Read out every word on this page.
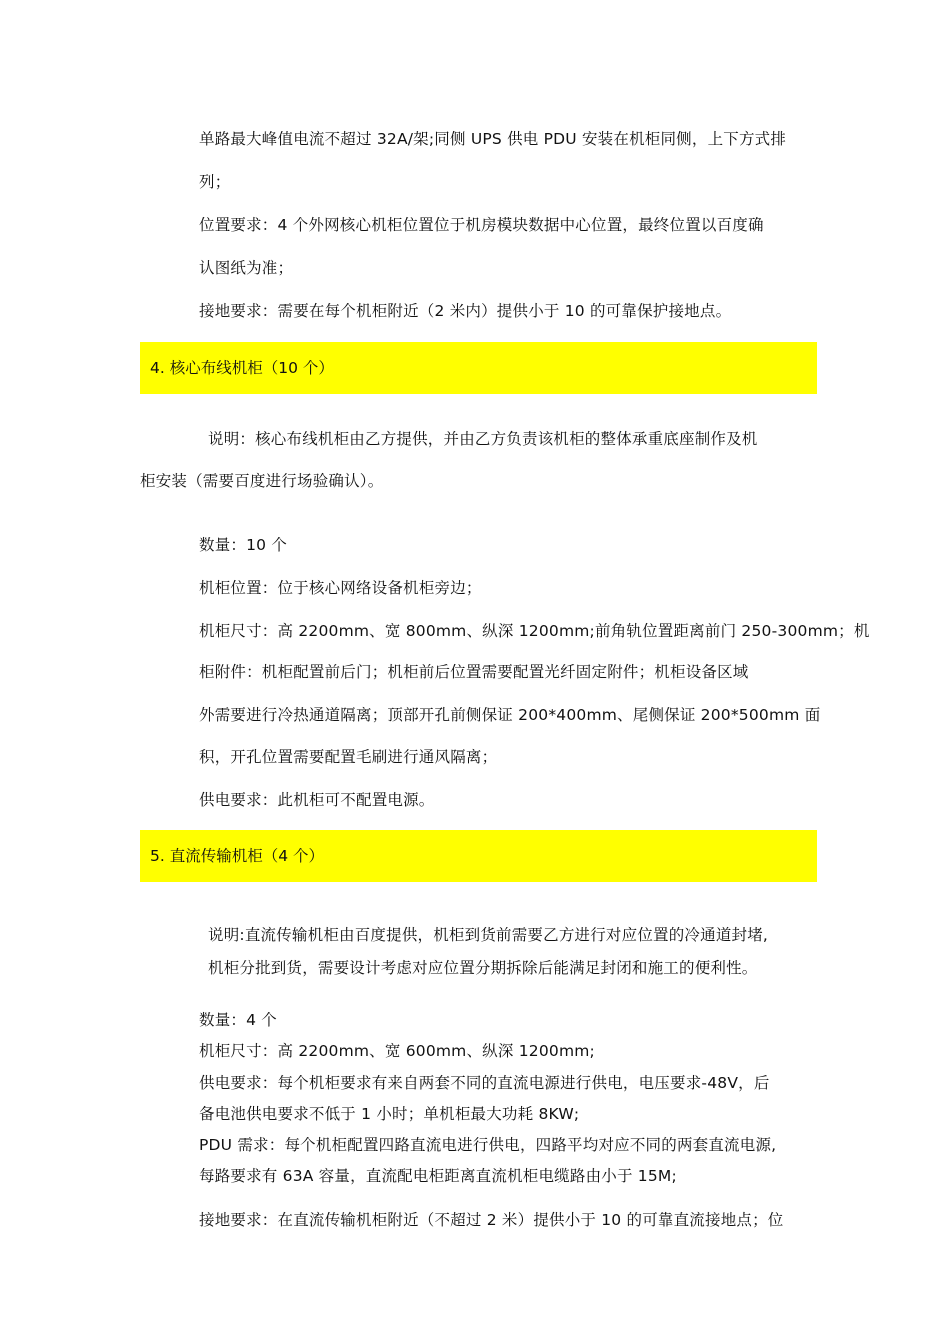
单路最大峰值电流不超过 32A/架;同侧 UPS 供电 PDU 安装在机柜同侧，上下方式排
列；
位置要求：4 个外网核心机柜位置位于机房模块数据中心位置，最终位置以百度确
认图纸为准；
接地要求：需要在每个机柜附近（2 米内）提供小于 10 的可靠保护接地点。
4. 核心布线机柜（10 个）
说明：核心布线机柜由乙方提供，并由乙方负责该机柜的整体承重底座制作及机
柜安装（需要百度进行场验确认）。
数量：10 个
机柜位置：位于核心网络设备机柜旁边；
机柜尺寸：高 2200mm、宽 800mm、纵深 1200mm;前角轨位置距离前门 250-300mm；机
柜附件：机柜配置前后门；机柜前后位置需要配置光纤固定附件；机柜设备区域
外需要进行冷热通道隔离；顶部开孔前侧保证 200*400mm、尾侧保证 200*500mm 面
积，开孔位置需要配置毛刷进行通风隔离；
供电要求：此机柜可不配置电源。
5. 直流传输机柜（4 个）
说明:直流传输机柜由百度提供，机柜到货前需要乙方进行对应位置的冷通道封堵,
机柜分批到货，需要设计考虑对应位置分期拆除后能满足封闭和施工的便利性。
数量：4 个
机柜尺寸：高 2200mm、宽 600mm、纵深 1200mm;
供电要求：每个机柜要求有来自两套不同的直流电源进行供电，电压要求-48V，后
备电池供电要求不低于 1 小时；单机柜最大功耗 8KW;
PDU 需求：每个机柜配置四路直流电进行供电，四路平均对应不同的两套直流电源,
每路要求有 63A 容量，直流配电柜距离直流机柜电缆路由小于 15M;
接地要求：在直流传输机柜附近（不超过 2 米）提供小于 10 的可靠直流接地点；位
